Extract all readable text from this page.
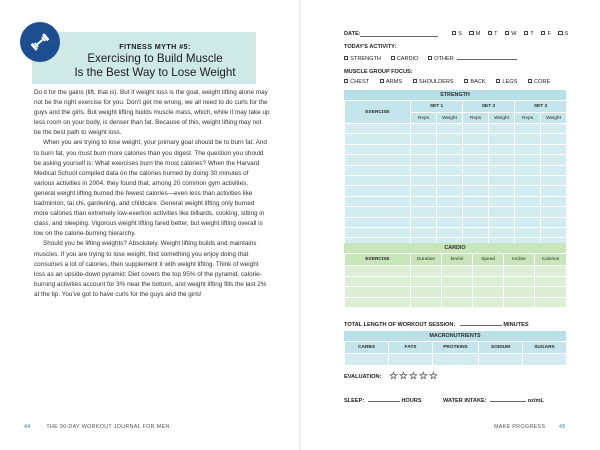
FITNESS MYTH #5:
Exercising to Build Muscle
Is the Best Way to Lose Weight

Do it for the gains (lift, that is). But if weight loss is the goal, weight lifting alone may not be the right exercise for you. Don't get me wrong, we all need to do curls for the guys and the girls. But weight lifting builds muscle mass, which, while it may take up less room on your body, is denser than fat. Because of this, weight lifting may not be the best path to weight loss.

When you are trying to lose weight, your primary goal should be to burn fat. And to burn fat, you must burn more calories than you digest. The question you should be asking yourself is: What exercises burn the most calories? When the Harvard Medical School compiled data on the calories burned by doing 30 minutes of various activities in 2004, they found that, among 20 common gym activities, general weight lifting burned the fewest calories—even less than activities like badminton, tai chi, gardening, and childcare. General weight lifting only burned more calories than extremely low-exertion activities like billiards, cooking, sitting in class, and sleeping. Vigorous weight lifting fared better, but weight lifting overall is low on the calorie-burning hierarchy.

Should you be lifting weights? Absolutely. Weight lifting builds and maintains muscles. If you are trying to lose weight, find something you enjoy doing that consumes a lot of calories, then supplement it with weight lifting. Think of weight loss as an upside-down pyramid: Diet covers the top 95% of the pyramid, calorie-burning activities account for 3% near the bottom, and weight lifting fills the last 2% at the tip. You've got to have curls for the guys and the girls!

44	THE 90-DAY WORKOUT JOURNAL FOR MEN
DATE:	S M T W T F S
TODAY'S ACTIVITY:
STRENGTH	CARDIO	OTHER
MUSCLE GROUP FOCUS:
CHEST	ARMS	SHOULDERS	BACK	LEGS	CORE
STRENGTH
EXERCISE	SET 1		SET 2		SET 3	
	Reps	Weight	Reps	Weight	Reps	Weight

CARDIO
EXERCISE	Duration	km/mi	Speed	Incline	Calories

TOTAL LENGTH OF WORKOUT SESSION:	MINUTES
MACRONUTRIENTS
CARBS	FATS	PROTEINS	SODIUM	SUGARS

EVALUATION: ☆☆☆☆☆
SLEEP:	HOURS	WATER INTAKE:	oz/mL
MAKE PROGRESS	45
